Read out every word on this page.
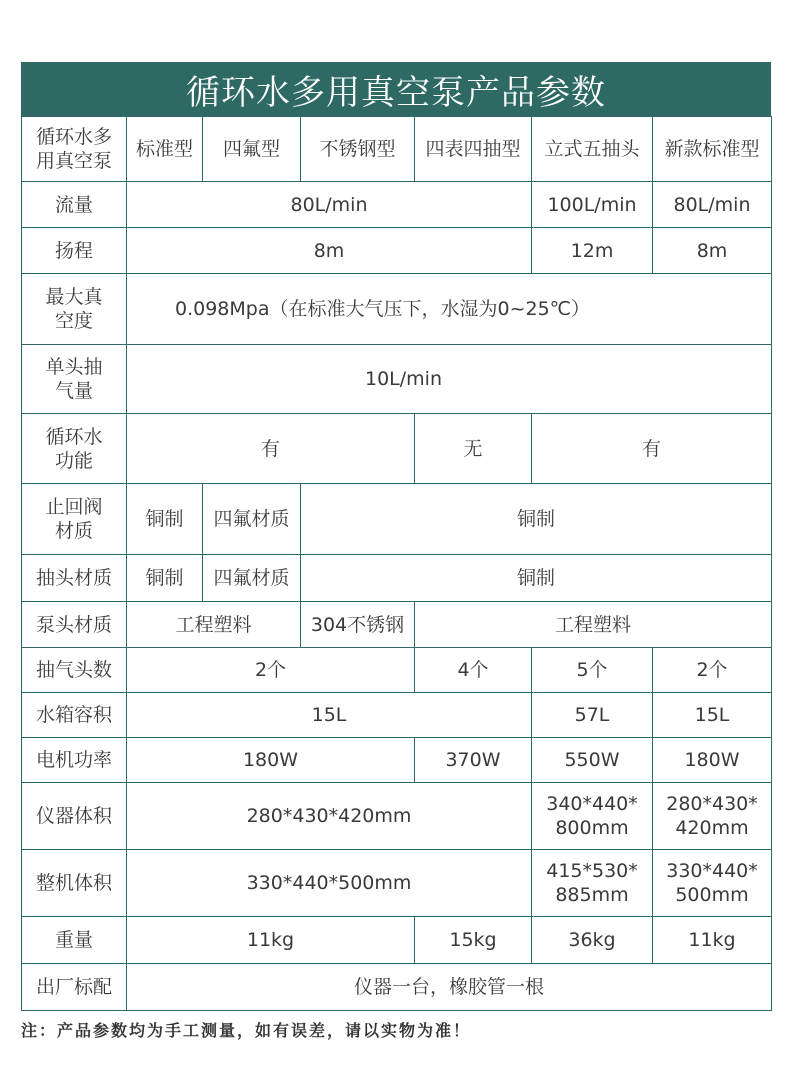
循环水多用真空泵产品参数
循环水多用真空泵	标准型	四氟型	不锈钢型	四表四抽型	立式五抽头	新款标准型
流量	80L/min				100L/min	80L/min
扬程	8m				12m	8m
最大真空度	0.098Mpa（在标准大气压下，水湿为0~25℃）					
单头抽气量	10L/min					
循环水功能	有			无	有	
止回阀材质	铜制	四氟材质	铜制			
抽头材质	铜制	四氟材质	铜制			
泵头材质	工程塑料		304不锈钢	工程塑料		
抽气头数	2个			4个	5个	2个
水箱容积	15L				57L	15L
电机功率	180W			370W	550W	180W
仪器体积	280*430*420mm				340*440*800mm	280*430*420mm
整机体积	330*440*500mm				415*530*885mm	330*440*500mm
重量	11kg			15kg	36kg	11kg
出厂标配	仪器一台，橡胶管一根					
注：产品参数均为手工测量，如有误差，请以实物为准！
